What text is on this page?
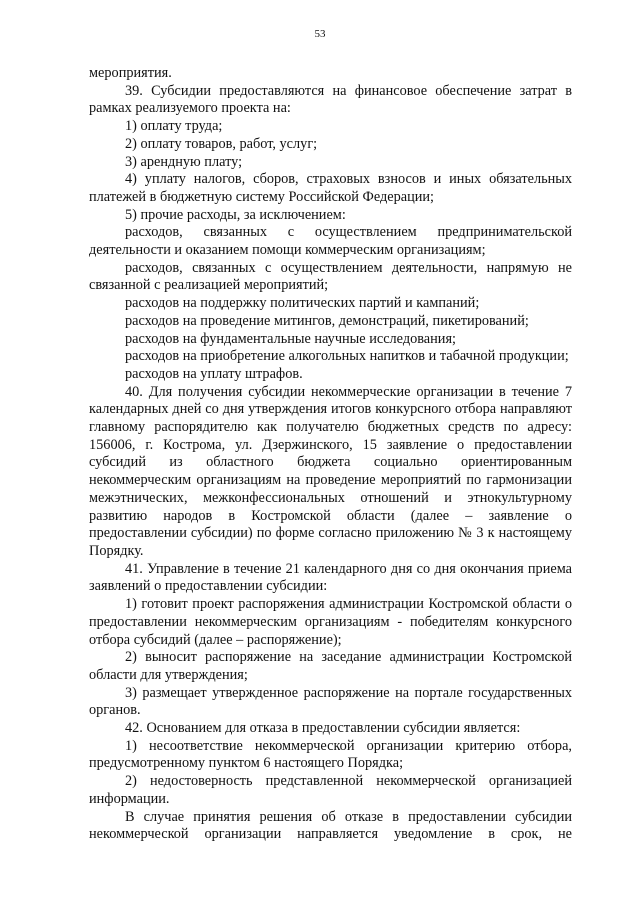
53

мероприятия.

39. Субсидии предоставляются на финансовое обеспечение затрат в рамках реализуемого проекта на:

1) оплату труда;

2) оплату товаров, работ, услуг;

3) арендную плату;

4) уплату налогов, сборов, страховых взносов и иных обязательных платежей в бюджетную систему Российской Федерации;

5) прочие расходы, за исключением:

расходов, связанных с осуществлением предпринимательской деятельности и оказанием помощи коммерческим организациям;

расходов, связанных с осуществлением деятельности, напрямую не связанной с реализацией мероприятий;

расходов на поддержку политических партий и кампаний;

расходов на проведение митингов, демонстраций, пикетирований;

расходов на фундаментальные научные исследования;

расходов на приобретение алкогольных напитков и табачной продукции;

расходов на уплату штрафов.

40. Для получения субсидии некоммерческие организации в течение 7 календарных дней со дня утверждения итогов конкурсного отбора направляют главному распорядителю как получателю бюджетных средств по адресу: 156006, г. Кострома, ул. Дзержинского, 15 заявление о предоставлении субсидий из областного бюджета социально ориентированным некоммерческим организациям на проведение мероприятий по гармонизации межэтнических, межконфессиональных отношений и этнокультурному развитию народов в Костромской области (далее – заявление о предоставлении субсидии) по форме согласно приложению № 3 к настоящему Порядку.

41. Управление в течение 21 календарного дня со дня окончания приема заявлений о предоставлении субсидии:

1) готовит проект распоряжения администрации Костромской области о предоставлении некоммерческим организациям - победителям конкурсного отбора субсидий (далее – распоряжение);

2) выносит распоряжение на заседание администрации Костромской области для утверждения;

3) размещает утвержденное распоряжение на портале государственных органов.

42. Основанием для отказа в предоставлении субсидии является:

1) несоответствие некоммерческой организации критерию отбора, предусмотренному пунктом 6 настоящего Порядка;

2) недостоверность представленной некоммерческой организацией информации.

В случае принятия решения об отказе в предоставлении субсидии некоммерческой организации направляется уведомление в срок, не
